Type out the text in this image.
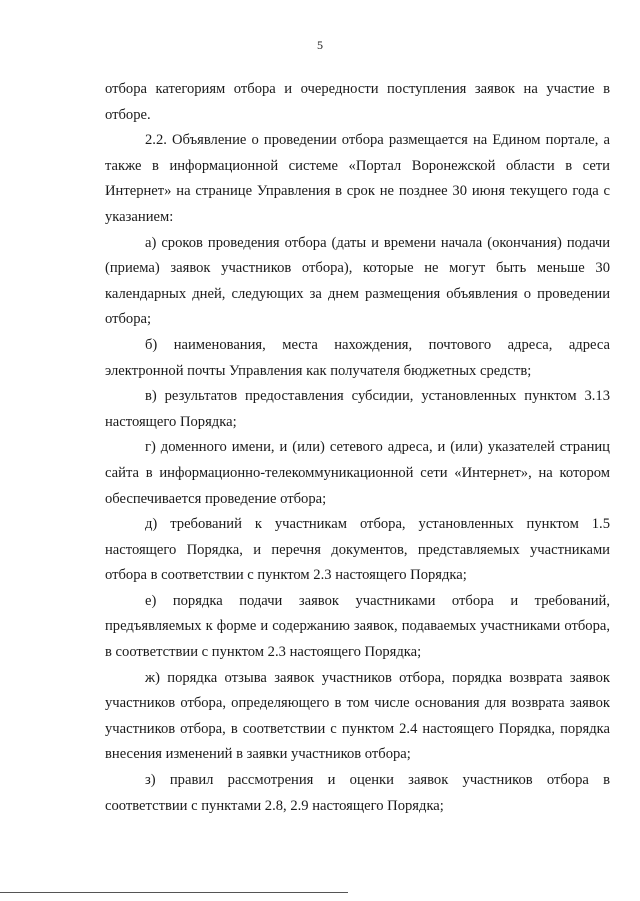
5

отбора категориям отбора и очередности поступления заявок на участие в отборе.

2.2. Объявление о проведении отбора размещается на Едином портале, а также в информационной системе «Портал Воронежской области в сети Интернет» на странице Управления в срок не позднее 30 июня текущего года с указанием:

а) сроков проведения отбора (даты и времени начала (окончания) подачи (приема) заявок участников отбора), которые не могут быть меньше 30 календарных дней, следующих за днем размещения объявления о проведении отбора;

б) наименования, места нахождения, почтового адреса, адреса электронной почты Управления как получателя бюджетных средств;

в) результатов предоставления субсидии, установленных пунктом 3.13 настоящего Порядка;

г) доменного имени, и (или) сетевого адреса, и (или) указателей страниц сайта в информационно-телекоммуникационной сети «Интернет», на котором обеспечивается проведение отбора;

д) требований к участникам отбора, установленных пунктом 1.5 настоящего Порядка, и перечня документов, представляемых участниками отбора в соответствии с пунктом 2.3 настоящего Порядка;

е) порядка подачи заявок участниками отбора и требований, предъявляемых к форме и содержанию заявок, подаваемых участниками отбора, в соответствии с пунктом 2.3 настоящего Порядка;

ж) порядка отзыва заявок участников отбора, порядка возврата заявок участников отбора, определяющего в том числе основания для возврата заявок участников отбора, в соответствии с пунктом 2.4 настоящего Порядка, порядка внесения изменений в заявки участников отбора;

з) правил рассмотрения и оценки заявок участников отбора в соответствии с пунктами 2.8, 2.9 настоящего Порядка;
